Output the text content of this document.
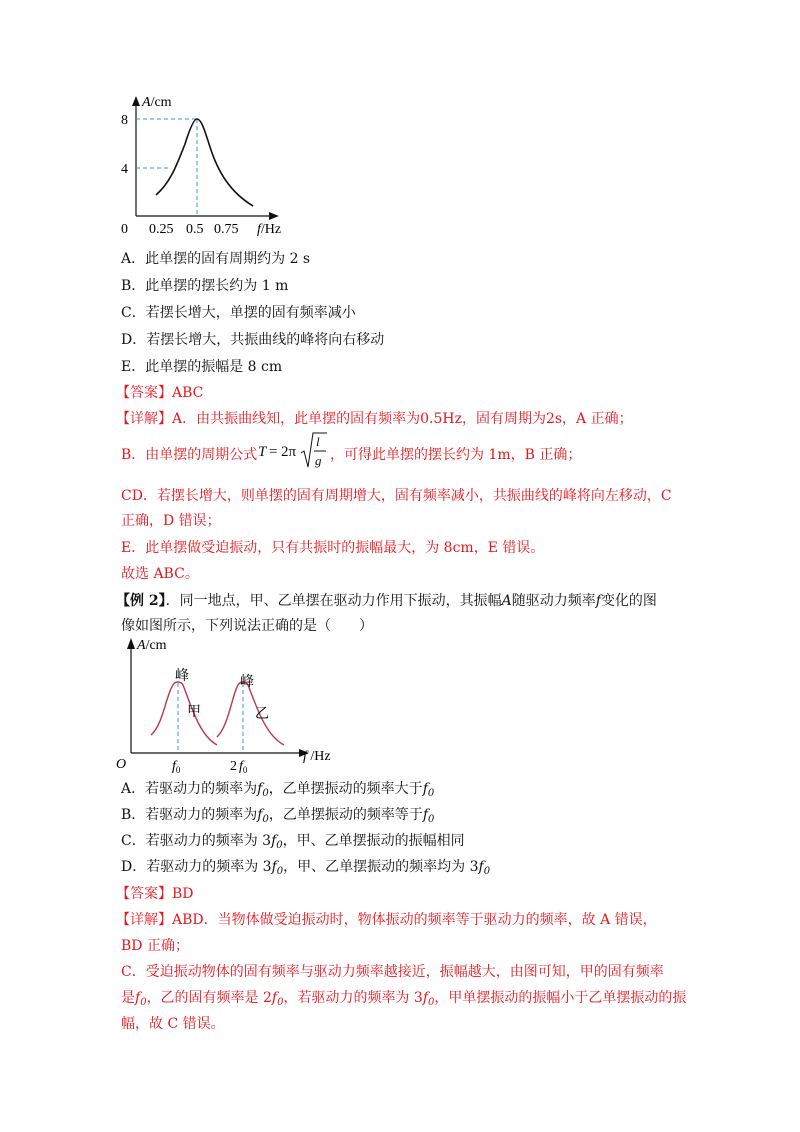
A/cm
8
4
0 0.25 0.5 0.75 f/Hz
A．此单摆的固有周期约为 2 s
B．此单摆的摆长约为 1 m
C．若摆长增大，单摆的固有频率减小
D．若摆长增大，共振曲线的峰将向右移动
E．此单摆的振幅是 8 cm
【答案】ABC
【详解】A．由共振曲线知，此单摆的固有频率为0.5Hz，固有周期为2s，A 正确；
B．由单摆的周期公式 T = 2π
l
g ，可得此单摆的摆长约为 1m，B 正确；
CD．若摆长增大，则单摆的固有周期增大，固有频率减小，共振曲线的峰将向左移动，C
正确，D 错误；
E．此单摆做受迫振动，只有共振时的振幅最大，为 8cm，E 错误。
故选 ABC。
【例 2】．同一地点，甲、乙单摆在驱动力作用下振动，其振幅A随驱动力频率f变化的图
像如图所示，下列说法正确的是（　　）
A/cm
峰	峰
甲	乙
O	$f_0$	2 $f_0$
f /Hz
A．若驱动力的频率为$f_0$，乙单摆振动的频率大于$f_0$
B．若驱动力的频率为$f_0$，乙单摆振动的频率等于$f_0$
C．若驱动力的频率为 $3f_0$，甲、乙单摆振动的振幅相同
D．若驱动力的频率为 $3f_0$，甲、乙单摆振动的频率均为 $3f_0$
【答案】BD
【详解】ABD．当物体做受迫振动时，物体振动的频率等于驱动力的频率，故 A 错误，
BD 正确；
C．受迫振动物体的固有频率与驱动力频率越接近，振幅越大，由图可知，甲的固有频率
是$f_0$，乙的固有频率是 $2f_0$，若驱动力的频率为 $3f_0$，甲单摆振动的振幅小于乙单摆振动的振
幅，故 C 错误。
